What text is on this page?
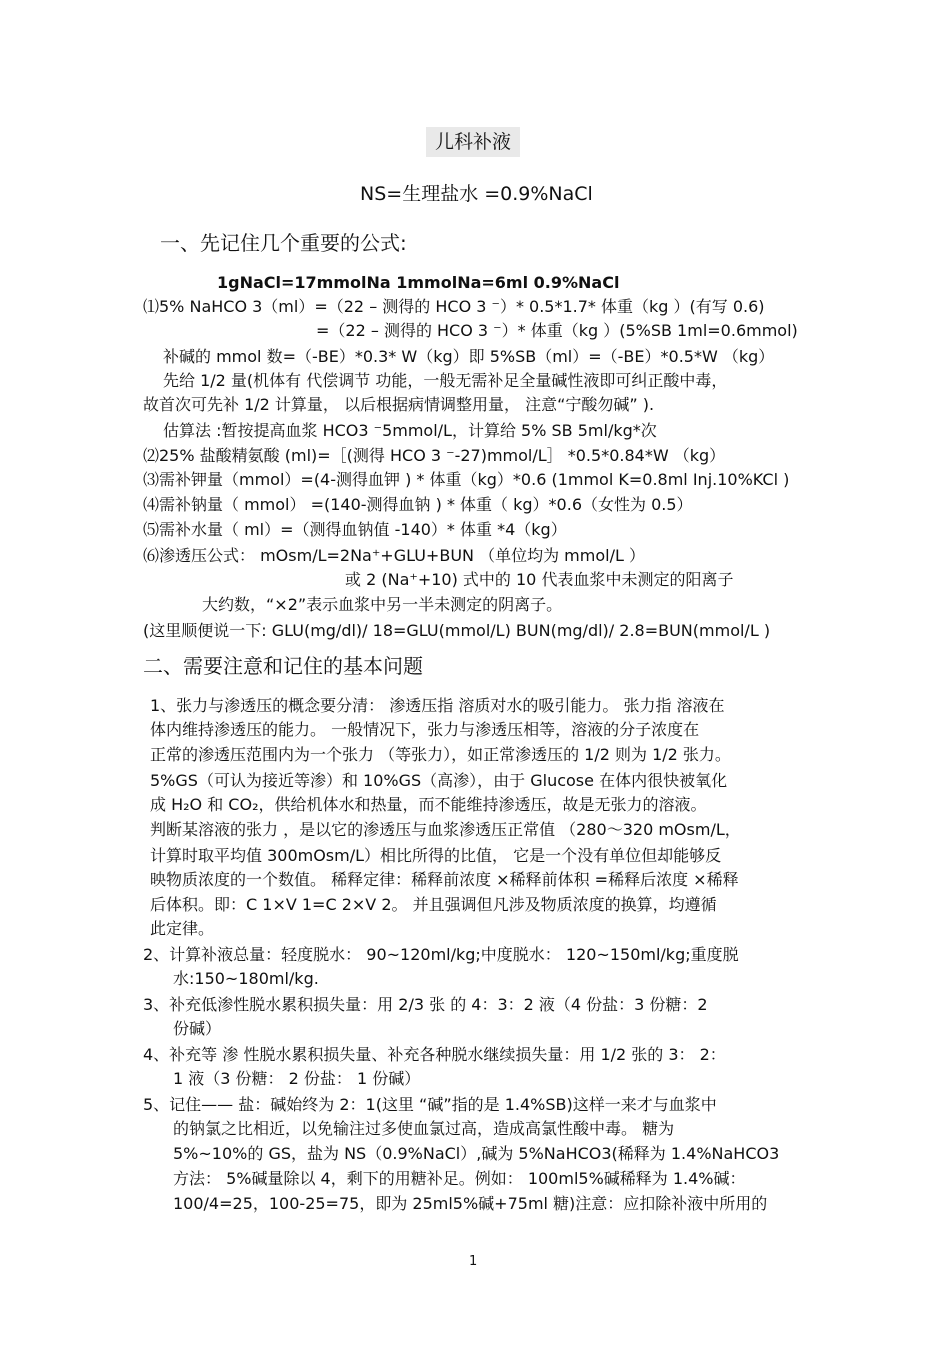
儿科补液
NS=生理盐水 =0.9%NaCl
一、先记住几个重要的公式:
1gNaCl=17mmolNa 1mmolNa=6ml 0.9%NaCl
⑴5% NaHCO 3（ml）=（22 – 测得的 HCO 3 ⁻）* 0.5*1.7* 体重（kg ）(有写 0.6)
=（22 – 测得的 HCO 3 ⁻）* 体重（kg ）(5%SB 1ml=0.6mmol)
补碱的 mmol 数=（-BE）*0.3* W（kg）即 5%SB（ml）=（-BE）*0.5*W （kg）
先给 1/2 量(机体有 代偿调节 功能，一般无需补足全量碱性液即可纠正酸中毒，
故首次可先补 1/2 计算量， 以后根据病情调整用量， 注意“宁酸勿碱” ).
估算法 :暂按提高血浆 HCO3 ⁻5mmol/L，计算给 5% SB 5ml/kg*次
⑵25% 盐酸精氨酸 (ml)=［(测得 HCO 3 ⁻-27)mmol/L］ *0.5*0.84*W （kg）
⑶需补钾量（mmol）=(4-测得血钾 ) * 体重（kg）*0.6 (1mmol K=0.8ml Inj.10%KCl )
⑷需补钠量（ mmol） =(140-测得血钠 ) * 体重（ kg）*0.6（女性为 0.5）
⑸需补水量（ ml）=（测得血钠值 -140）* 体重 *4（kg）
⑹渗透压公式： mOsm/L=2Na⁺+GLU+BUN （单位均为 mmol/L ）
或 2 (Na⁺+10) 式中的 10 代表血浆中未测定的阳离子
大约数，“×2”表示血浆中另一半未测定的阴离子。
(这里顺便说一下: GLU(mg/dl)/ 18=GLU(mmol/L) BUN(mg/dl)/ 2.8=BUN(mmol/L )
二、需要注意和记住的基本问题
1、张力与渗透压的概念要分清： 渗透压指 溶质对水的吸引能力。 张力指 溶液在
体内维持渗透压的能力。 一般情况下，张力与渗透压相等，溶液的分子浓度在
正常的渗透压范围内为一个张力 （等张力），如正常渗透压的 1/2 则为 1/2 张力。
5%GS（可认为接近等渗）和 10%GS（高渗），由于 Glucose 在体内很快被氧化
成 H₂O 和 CO₂，供给机体水和热量，而不能维持渗透压，故是无张力的溶液。
判断某溶液的张力 ，是以它的渗透压与血浆渗透压正常值 （280～320 mOsm/L，
计算时取平均值 300mOsm/L）相比所得的比值， 它是一个没有单位但却能够反
映物质浓度的一个数值。 稀释定律：稀释前浓度 ×稀释前体积 =稀释后浓度 ×稀释
后体积。即：C 1×V 1=C 2×V 2。 并且强调但凡涉及物质浓度的换算，均遵循
此定律。
2、计算补液总量：轻度脱水： 90~120ml/kg;中度脱水： 120~150ml/kg;重度脱
水:150~180ml/kg.
3、补充低渗性脱水累积损失量：用 2/3 张 的 4：3：2 液（4 份盐：3 份糖：2
份碱）
4、补充等 渗 性脱水累积损失量、补充各种脱水继续损失量：用 1/2 张的 3： 2：
1 液（3 份糖： 2 份盐： 1 份碱）
5、记住—— 盐：碱始终为 2：1(这里 “碱”指的是 1.4%SB)这样一来才与血浆中
的钠氯之比相近，以免输注过多使血氯过高，造成高氯性酸中毒。 糖为
5%~10%的 GS，盐为 NS（0.9%NaCl）,碱为 5%NaHCO3(稀释为 1.4%NaHCO3
方法： 5%碱量除以 4，剩下的用糖补足。例如： 100ml5%碱稀释为 1.4%碱：
100/4=25，100-25=75，即为 25ml5%碱+75ml 糖)注意：应扣除补液中所用的
1
